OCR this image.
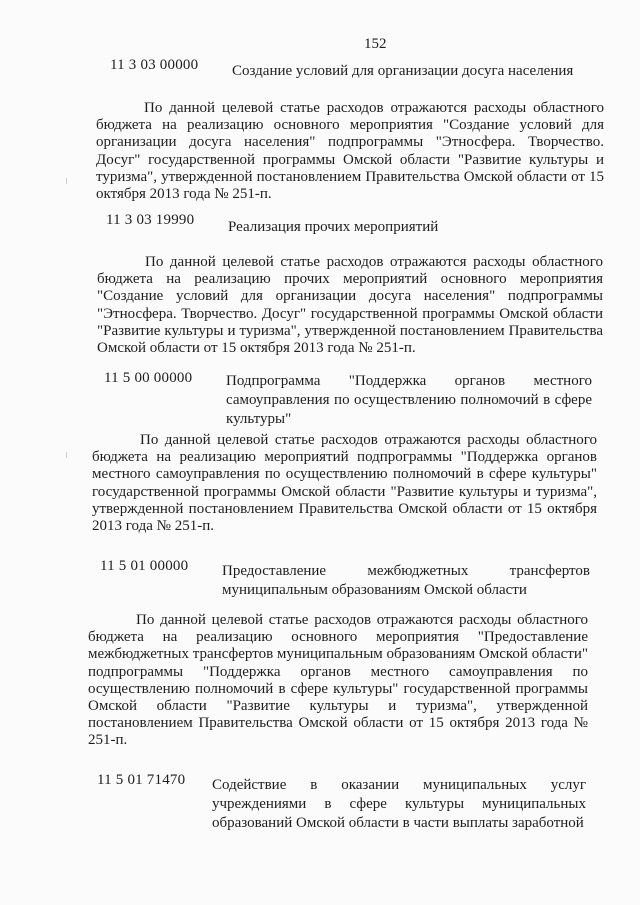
152
11 3 03 00000 Создание условий для организации досуга населения
По данной целевой статье расходов отражаются расходы областного бюджета на реализацию основного мероприятия "Создание условий для организации досуга населения" подпрограммы "Этносфера. Творчество. Досуг" государственной программы Омской области "Развитие культуры и туризма", утвержденной постановлением Правительства Омской области от 15 октября 2013 года № 251-п.
11 3 03 19990 Реализация прочих мероприятий
По данной целевой статье расходов отражаются расходы областного бюджета на реализацию прочих мероприятий основного мероприятия "Создание условий для организации досуга населения" подпрограммы "Этносфера. Творчество. Досуг" государственной программы Омской области "Развитие культуры и туризма", утвержденной постановлением Правительства Омской области от 15 октября 2013 года № 251-п.
11 5 00 00000 Подпрограмма "Поддержка органов местного самоуправления по осуществлению полномочий в сфере культуры"
По данной целевой статье расходов отражаются расходы областного бюджета на реализацию мероприятий подпрограммы "Поддержка органов местного самоуправления по осуществлению полномочий в сфере культуры" государственной программы Омской области "Развитие культуры и туризма", утвержденной постановлением Правительства Омской области от 15 октября 2013 года № 251-п.
11 5 01 00000 Предоставление межбюджетных трансфертов муниципальным образованиям Омской области
По данной целевой статье расходов отражаются расходы областного бюджета на реализацию основного мероприятия "Предоставление межбюджетных трансфертов муниципальным образованиям Омской области" подпрограммы "Поддержка органов местного самоуправления по осуществлению полномочий в сфере культуры" государственной программы Омской области "Развитие культуры и туризма", утвержденной постановлением Правительства Омской области от 15 октября 2013 года № 251-п.
11 5 01 71470 Содействие в оказании муниципальных услуг учреждениями в сфере культуры муниципальных образований Омской области в части выплаты заработной
